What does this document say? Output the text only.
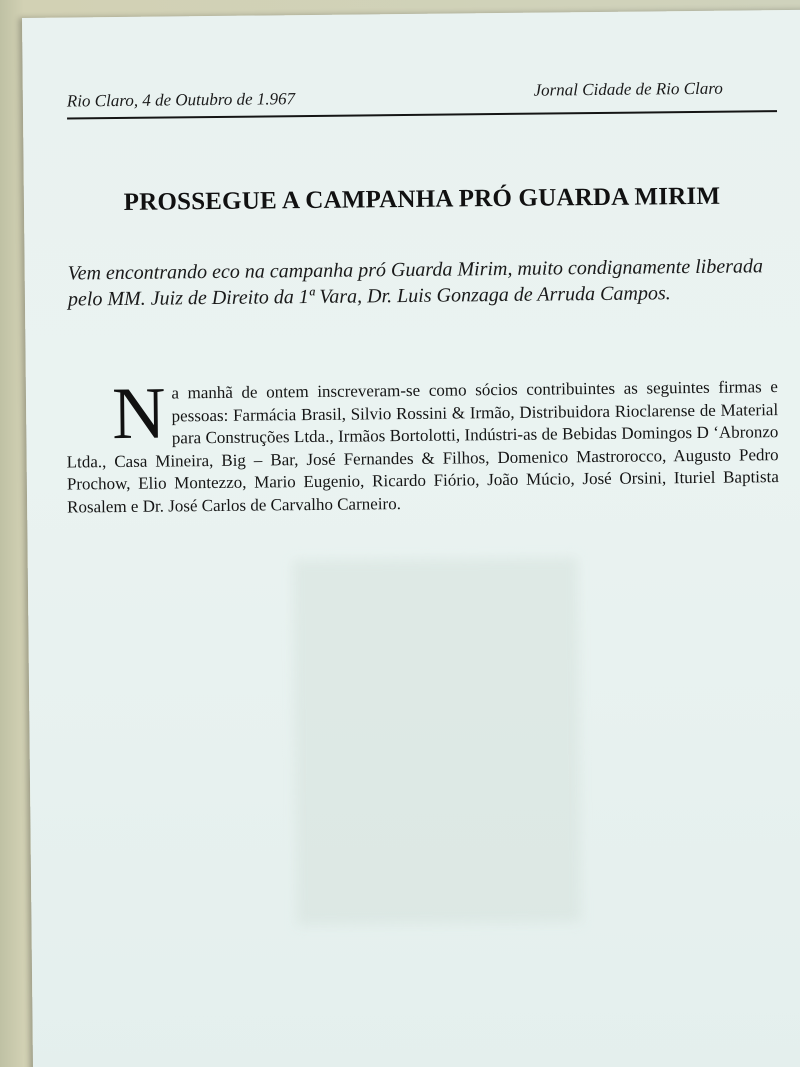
Rio Claro, 4 de Outubro de 1.967	Jornal Cidade de Rio Claro
PROSSEGUE A CAMPANHA PRÓ GUARDA MIRIM
Vem encontrando eco na campanha pró Guarda Mirim, muito condignamente liberada pelo MM. Juiz de Direito da 1ª Vara, Dr. Luis Gonzaga de Arruda Campos.
N a manhã de ontem inscreveram-se como sócios contribuintes as seguintes firmas e pessoas: Farmácia Brasil, Silvio Rossini & Irmão, Distribuidora Rioclarense de Material para Construções Ltda., Irmãos Bortolotti, Indústri-as de Bebidas Domingos D ‘Abronzo Ltda., Casa Mineira, Big – Bar, José Fernandes & Filhos, Domenico Mastrorocco, Augusto Pedro Prochow, Elio Montezzo, Mario Eugenio, Ricardo Fiório, João Múcio, José Orsini, Ituriel Baptista Rosalem e Dr. José Carlos de Carvalho Carneiro.
